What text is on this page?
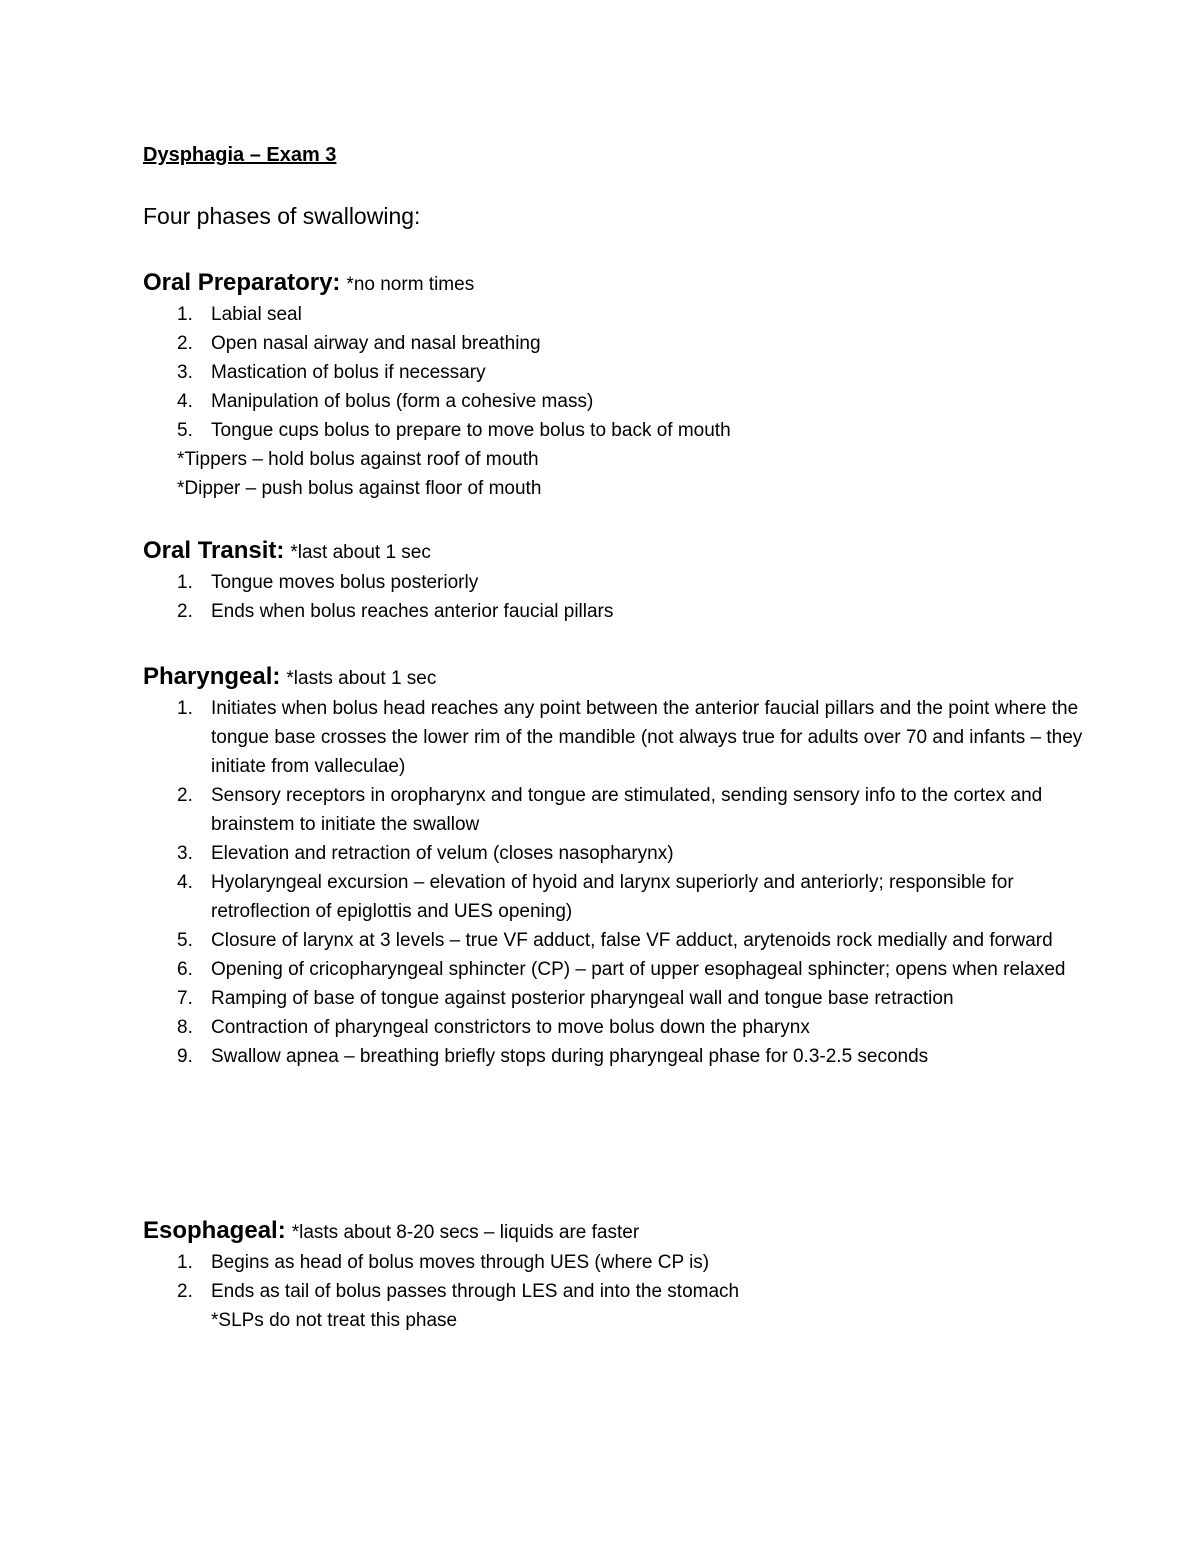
Dysphagia – Exam 3
Four phases of swallowing:
Oral Preparatory: *no norm times
1. Labial seal
2. Open nasal airway and nasal breathing
3. Mastication of bolus if necessary
4. Manipulation of bolus (form a cohesive mass)
5. Tongue cups bolus to prepare to move bolus to back of mouth
*Tippers – hold bolus against roof of mouth
*Dipper – push bolus against floor of mouth
Oral Transit: *last about 1 sec
1. Tongue moves bolus posteriorly
2. Ends when bolus reaches anterior faucial pillars
Pharyngeal: *lasts about 1 sec
1. Initiates when bolus head reaches any point between the anterior faucial pillars and the point where the tongue base crosses the lower rim of the mandible (not always true for adults over 70 and infants – they initiate from valleculae)
2. Sensory receptors in oropharynx and tongue are stimulated, sending sensory info to the cortex and brainstem to initiate the swallow
3. Elevation and retraction of velum (closes nasopharynx)
4. Hyolaryngeal excursion – elevation of hyoid and larynx superiorly and anteriorly; responsible for retroflection of epiglottis and UES opening)
5. Closure of larynx at 3 levels – true VF adduct, false VF adduct, arytenoids rock medially and forward
6. Opening of cricopharyngeal sphincter (CP) – part of upper esophageal sphincter; opens when relaxed
7. Ramping of base of tongue against posterior pharyngeal wall and tongue base retraction
8. Contraction of pharyngeal constrictors to move bolus down the pharynx
9. Swallow apnea – breathing briefly stops during pharyngeal phase for 0.3-2.5 seconds
Esophageal: *lasts about 8-20 secs – liquids are faster
1. Begins as head of bolus moves through UES (where CP is)
2. Ends as tail of bolus passes through LES and into the stomach
*SLPs do not treat this phase
